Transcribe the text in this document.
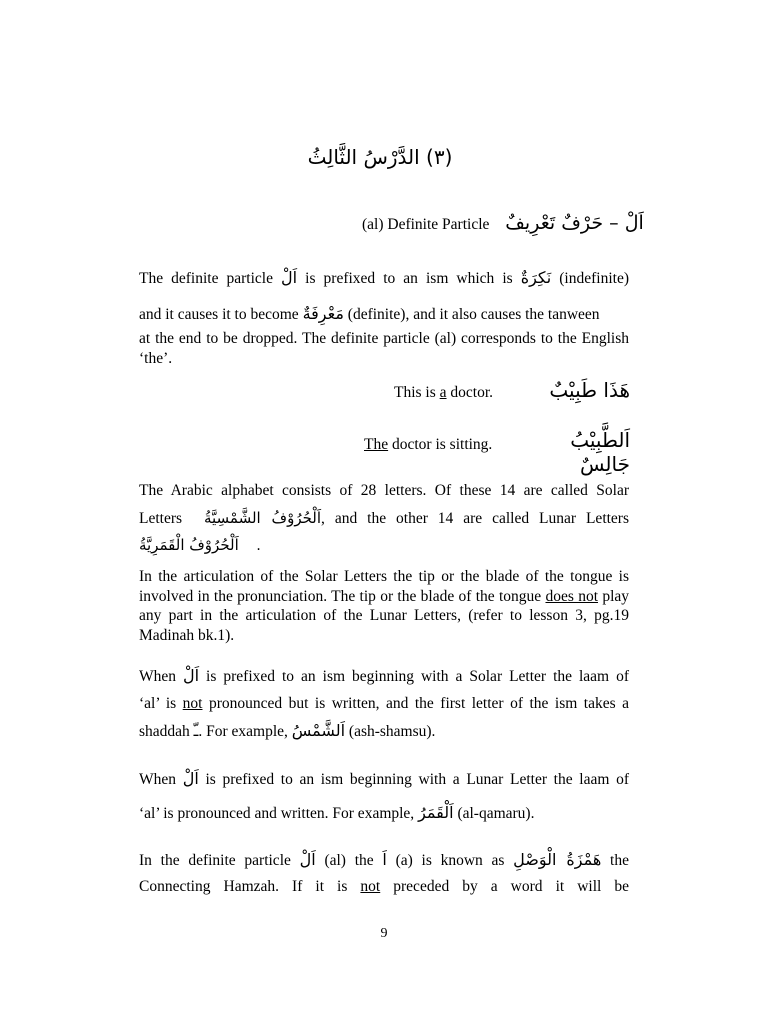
(٣) الدَّرْسُ الثَّالِثُ
(al) Definite Particle اَلْ – حَرْفٌ تَعْرِيفٌ
The definite particle اَلْ is prefixed to an ism which is نَكِرَةٌ (indefinite)
and it causes it to become مَعْرِفَةٌ (definite), and it also causes the tanween
at the end to be dropped. The definite particle (al) corresponds to the English ‘the’.
This is a doctor.	هَذَا طَبِيْبٌ
The doctor is sitting.	اَلطَّبِيْبُ جَالِسٌ
The Arabic alphabet consists of 28 letters. Of these 14 are called Solar
Letters اَلْحُرُوْفُ الشَّمْسِيَّةُ, and the other 14 are called Lunar Letters
اَلْحُرُوْفُ الْقَمَرِيَّةُ .
In the articulation of the Solar Letters the tip or the blade of the tongue is involved in the pronunciation. The tip or the blade of the tongue does not play any part in the articulation of the Lunar Letters, (refer to lesson 3, pg.19 Madinah bk.1).
When اَلْ is prefixed to an ism beginning with a Solar Letter the laam of
‘al’ is not pronounced but is written, and the first letter of the ism takes a
shaddah ـّ. For example, اَلشَّمْسُ (ash-shamsu).
When اَلْ is prefixed to an ism beginning with a Lunar Letter the laam of
‘al’ is pronounced and written. For example, اَلْقَمَرُ (al-qamaru).
In the definite particle اَلْ (al) the اَ (a) is known as هَمْزَةُ الْوَصْلِ the
Connecting Hamzah. If it is not preceded by a word it will be
9
